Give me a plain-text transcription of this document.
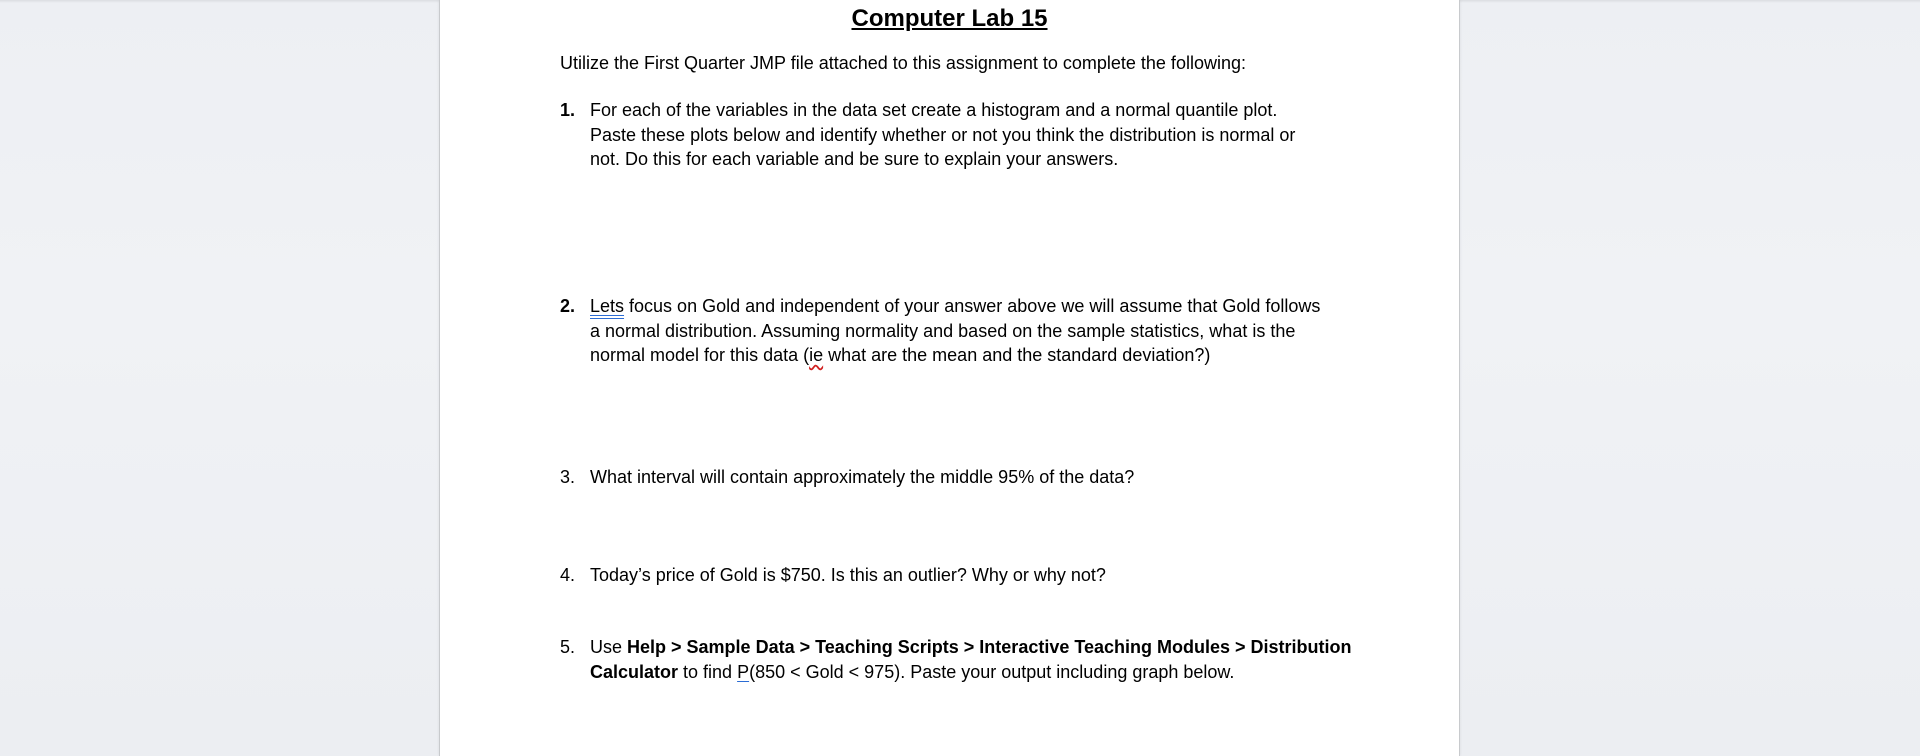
Computer Lab 15
Utilize the First Quarter JMP file attached to this assignment to complete the following:
1. For each of the variables in the data set create a histogram and a normal quantile plot.
Paste these plots below and identify whether or not you think the distribution is normal or
not. Do this for each variable and be sure to explain your answers.
2. Lets focus on Gold and independent of your answer above we will assume that Gold follows
a normal distribution. Assuming normality and based on the sample statistics, what is the
normal model for this data (ie what are the mean and the standard deviation?)
3. What interval will contain approximately the middle 95% of the data?
4. Today’s price of Gold is $750. Is this an outlier? Why or why not?
5. Use Help > Sample Data > Teaching Scripts > Interactive Teaching Modules > Distribution
Calculator to find P(850 < Gold < 975). Paste your output including graph below.
